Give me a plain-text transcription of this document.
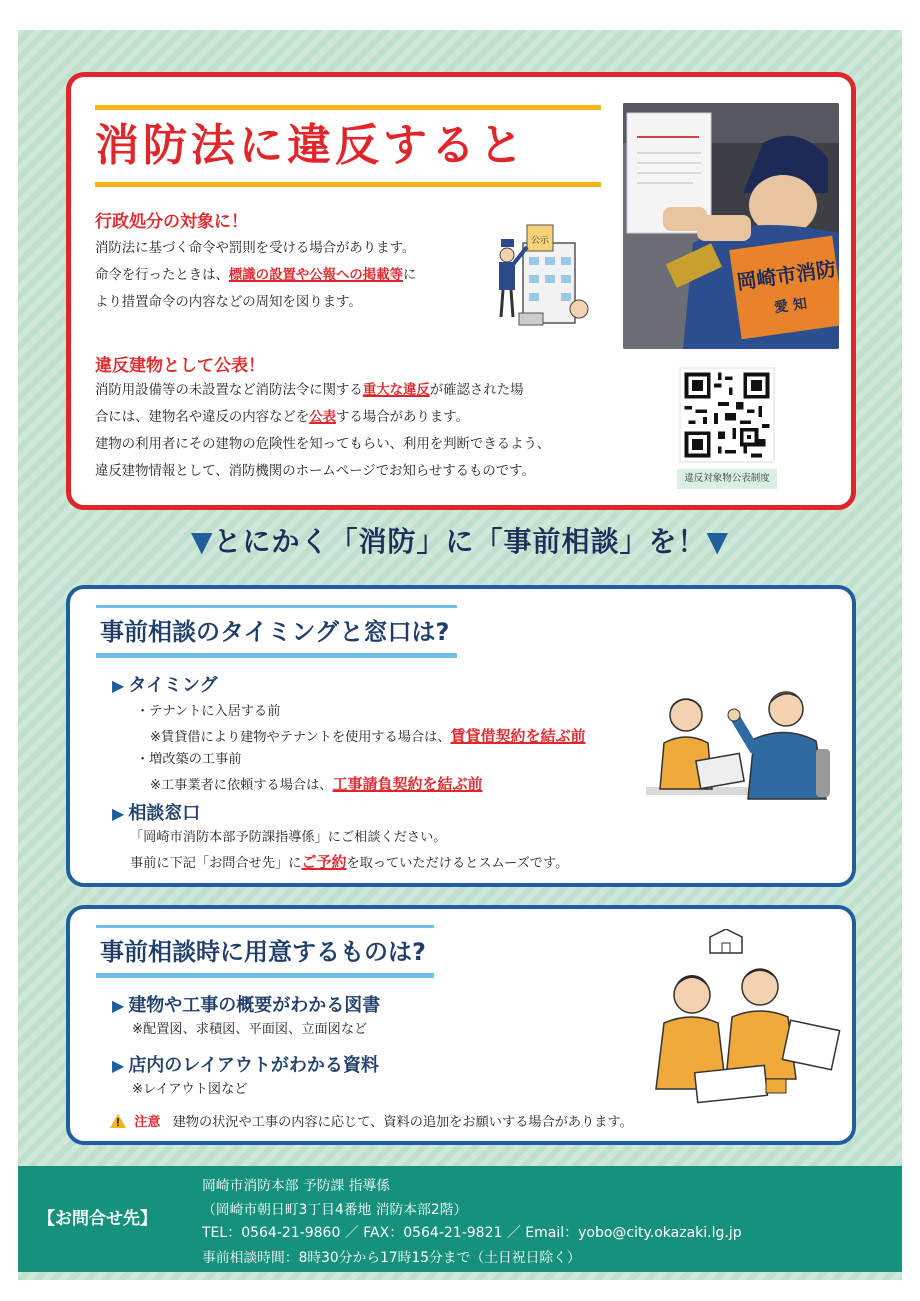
消防法に違反すると
行政処分の対象に！
消防法に基づく命令や罰則を受ける場合があります。
命令を行ったときは、標識の設置や公報への掲載等に
より措置命令の内容などの周知を図ります。
公示
違反建物として公表！
消防用設備等の未設置など消防法令に関する重大な違反が確認された場
合には、建物名や違反の内容などを公表する場合があります。
建物の利用者にその建物の危険性を知ってもらい、利用を判断できるよう、
違反建物情報として、消防機関のホームページでお知らせするものです。
岡崎市消防
愛 知
違反対象物公表制度
▼とにかく「消防」に「事前相談」を！▼
事前相談のタイミングと窓口は?
▶ タイミング
・テナントに入居する前
※賃貸借により建物やテナントを使用する場合は、賃貸借契約を結ぶ前
・増改築の工事前
※工事業者に依頼する場合は、工事請負契約を結ぶ前
▶ 相談窓口
「岡崎市消防本部予防課指導係」にご相談ください。
事前に下記「お問合せ先」にご予約を取っていただけるとスムーズです。
事前相談時に用意するものは?
▶ 建物や工事の概要がわかる図書
※配置図、求積図、平面図、立面図など
▶ 店内のレイアウトがわかる資料
※レイアウト図など
注意 建物の状況や工事の内容に応じて、資料の追加をお願いする場合があります。
【お問合せ先】
岡崎市消防本部 予防課 指導係
（岡崎市朝日町3丁目4番地 消防本部2階）
TEL：0564-21-9860 ／ FAX：0564-21-9821 ／ Email：yobo@city.okazaki.lg.jp
事前相談時間：8時30分から17時15分まで（土日祝日除く）
